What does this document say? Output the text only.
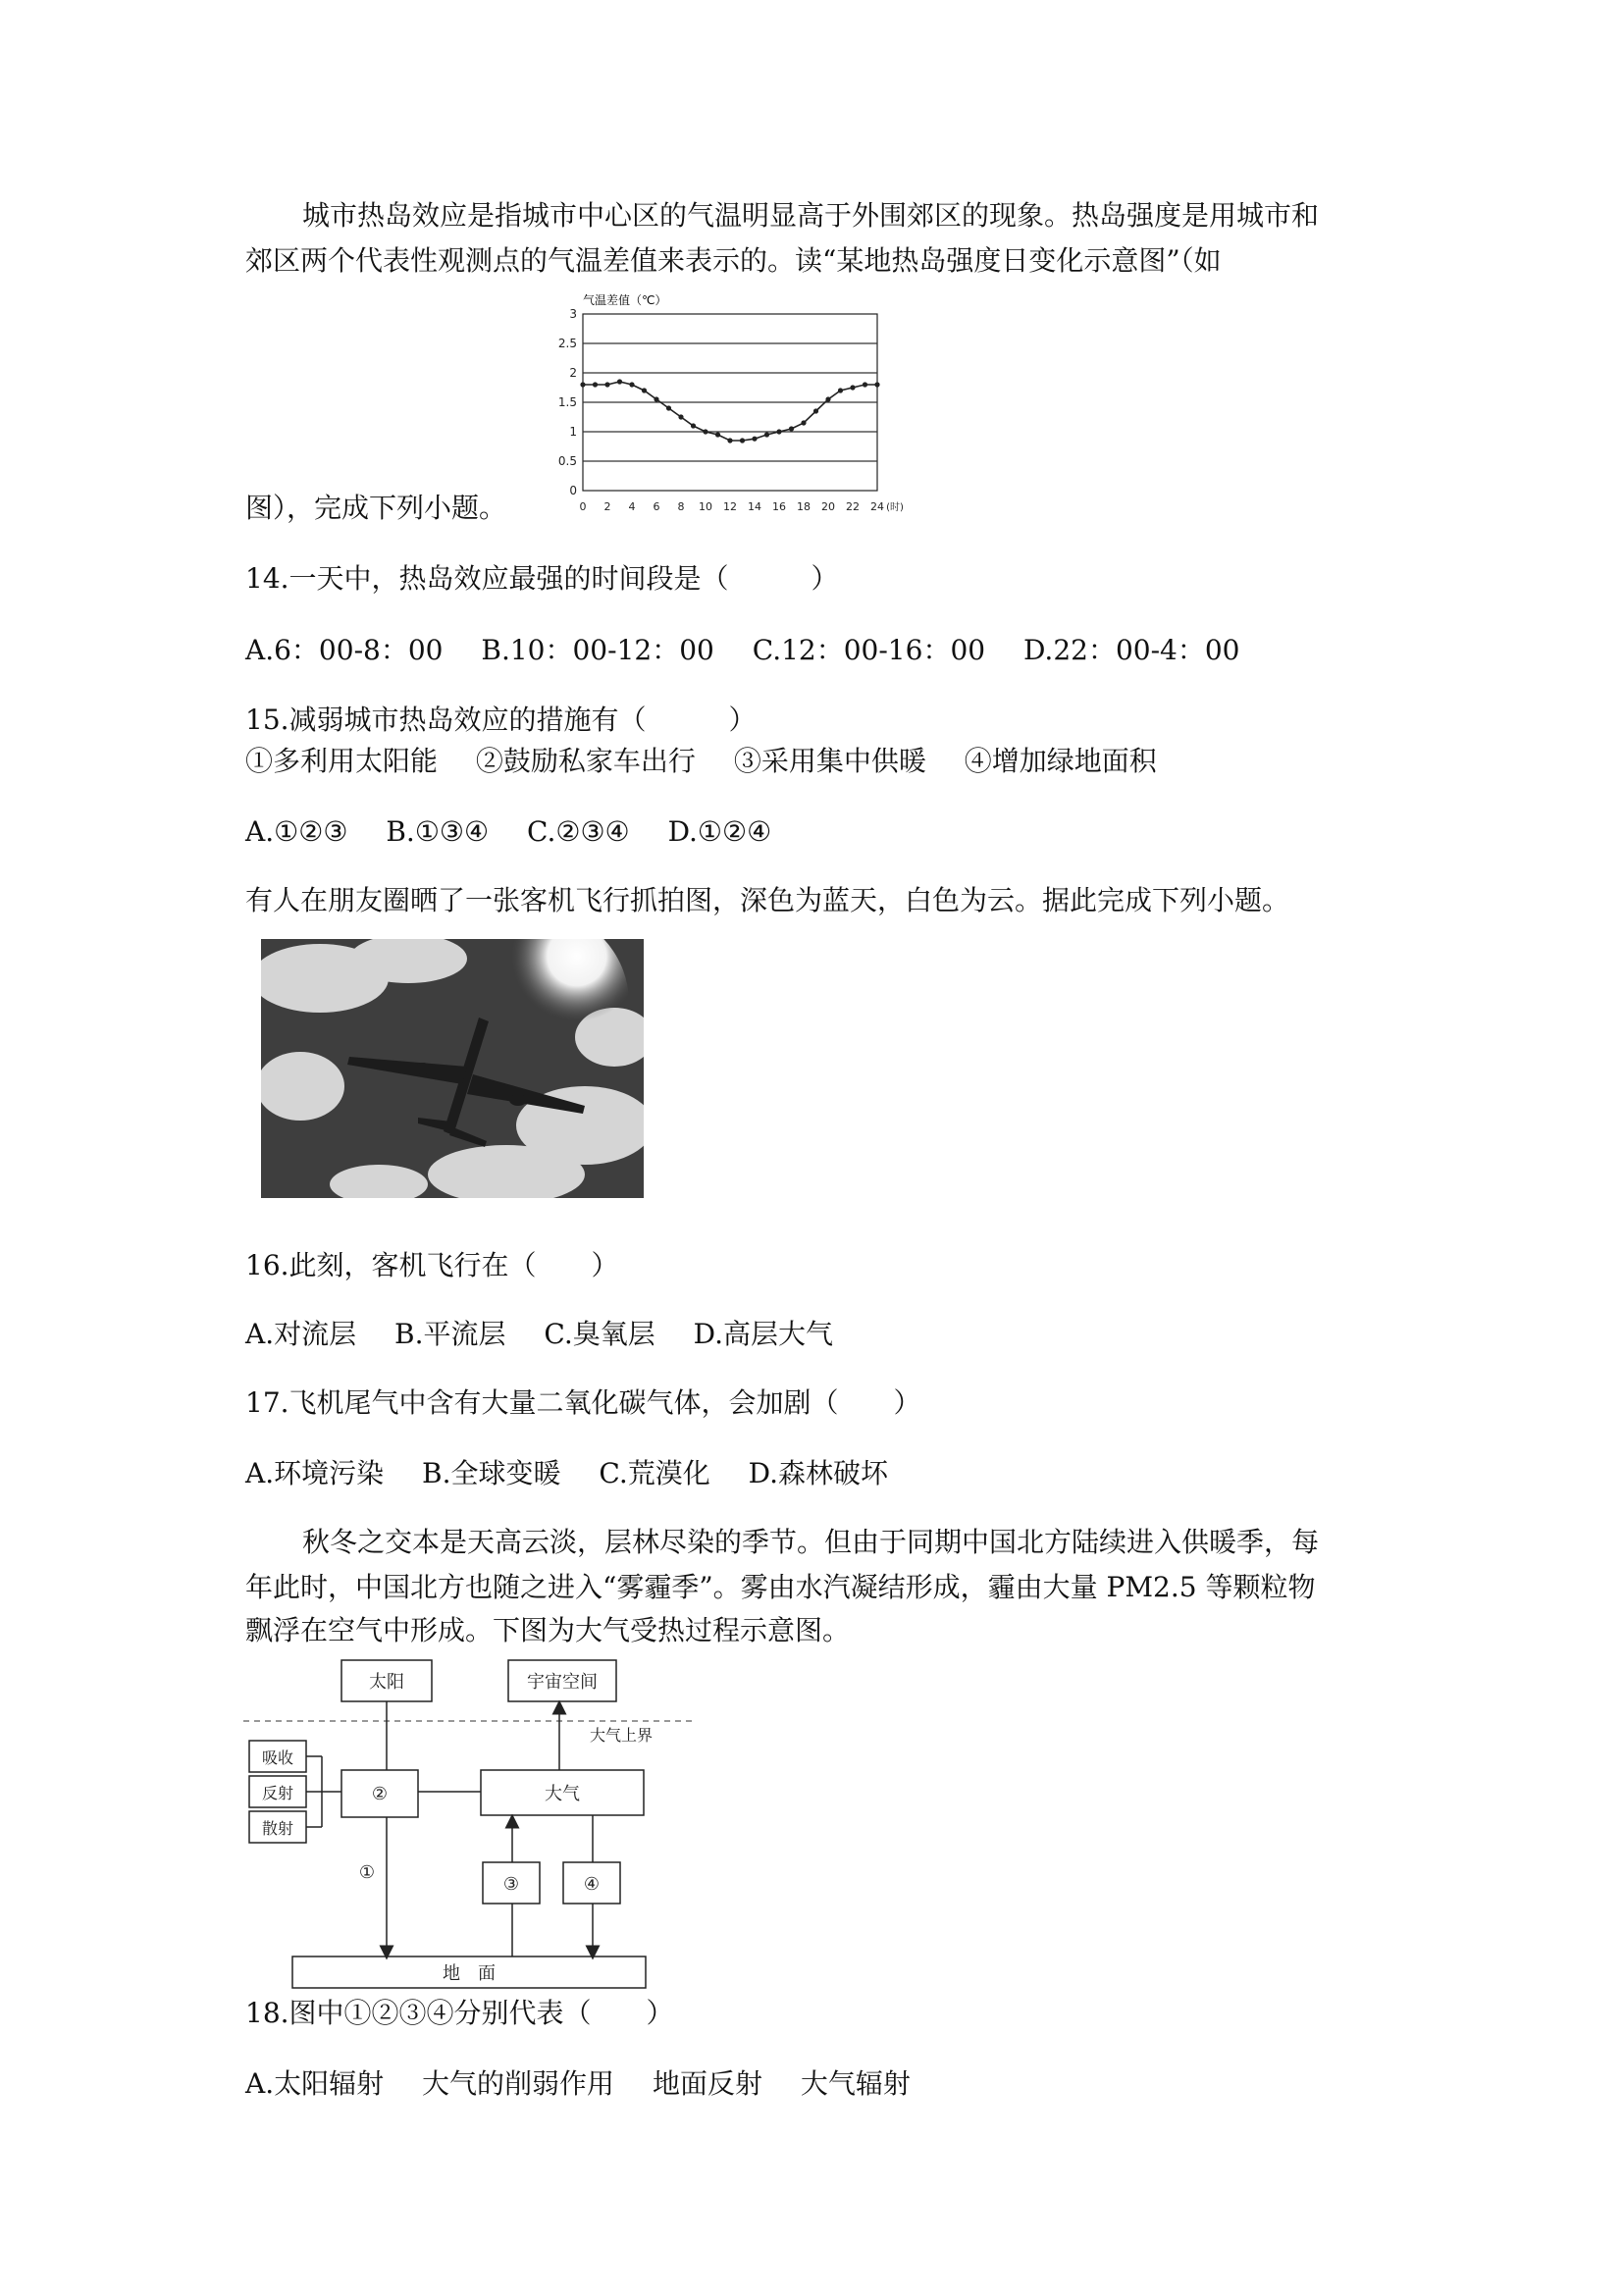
城市热岛效应是指城市中心区的气温明显高于外围郊区的现象。热岛强度是用城市和
郊区两个代表性观测点的气温差值来表示的。读“某地热岛强度日变化示意图”（如
气温差值（℃）
0
0.5
1
1.5
2
2.5
3
0 2 4 6 8 10 12 14 16 18 20 22 24 (时)
图），完成下列小题。
14.一天中，热岛效应最强的时间段是（　　　）
A.6：00-8：00 B.10：00-12：00 C.12：00-16：00 D.22：00-4：00
15.减弱城市热岛效应的措施有（　　　）
①多利用太阳能 ②鼓励私家车出行 ③采用集中供暖 ④增加绿地面积
A.①②③ B.①③④ C.②③④ D.①②④
有人在朋友圈晒了一张客机飞行抓拍图，深色为蓝天，白色为云。据此完成下列小题。
16.此刻，客机飞行在（　　）
A.对流层 B.平流层 C.臭氧层 D.高层大气
17.飞机尾气中含有大量二氧化碳气体，会加剧（　　）
A.环境污染 B.全球变暖 C.荒漠化 D.森林破坏
秋冬之交本是天高云淡，层林尽染的季节。但由于同期中国北方陆续进入供暖季，每
年此时，中国北方也随之进入“雾霾季”。雾由水汽凝结形成，霾由大量 PM2.5 等颗粒物
飘浮在空气中形成。下图为大气受热过程示意图。
太阳	宇宙空间
大气上界
吸收
反射
散射
②	大气
①
③	④
地　面
18.图中①②③④分别代表（　　）
A.太阳辐射 大气的削弱作用 地面反射 大气辐射
